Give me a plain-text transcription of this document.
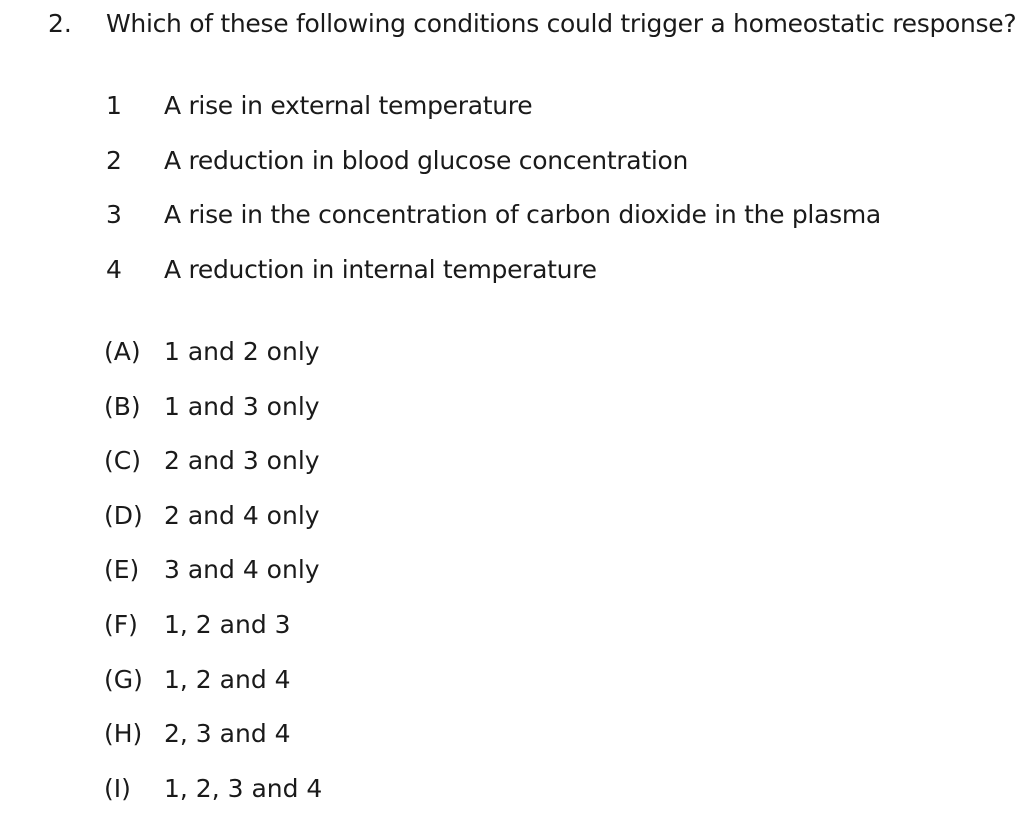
2. Which of these following conditions could trigger a homeostatic response?
1 A rise in external temperature
2 A reduction in blood glucose concentration
3 A rise in the concentration of carbon dioxide in the plasma
4 A reduction in internal temperature
(A) 1 and 2 only
(B) 1 and 3 only
(C) 2 and 3 only
(D) 2 and 4 only
(E) 3 and 4 only
(F) 1, 2 and 3
(G) 1, 2 and 4
(H) 2, 3 and 4
(I) 1, 2, 3 and 4
